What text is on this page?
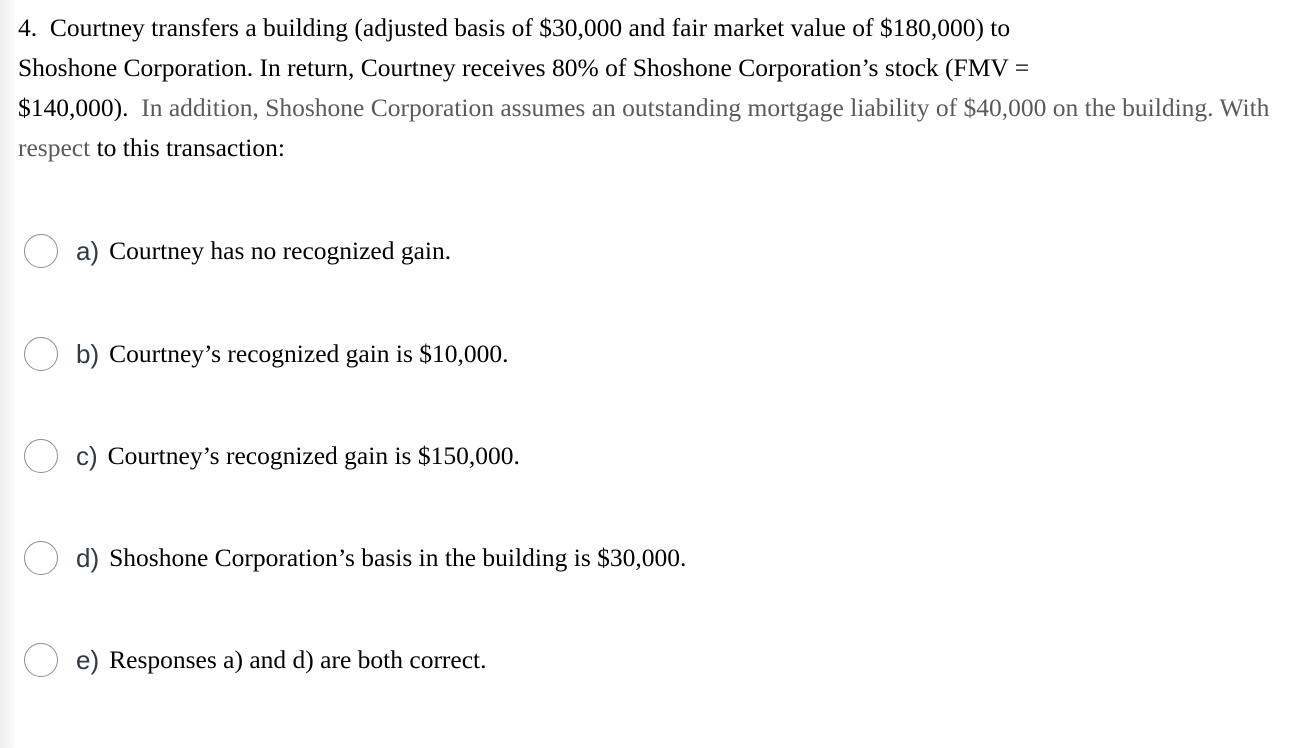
4. Courtney transfers a building (adjusted basis of $30,000 and fair market value of $180,000) to
Shoshone Corporation. In return, Courtney receives 80% of Shoshone Corporation’s stock (FMV =
$140,000). In addition, Shoshone Corporation assumes an outstanding mortgage liability of $40,000 on the building. With respect to this transaction:

a) Courtney has no recognized gain.
b) Courtney’s recognized gain is $10,000.
c) Courtney’s recognized gain is $150,000.
d) Shoshone Corporation’s basis in the building is $30,000.
e) Responses a) and d) are both correct.
